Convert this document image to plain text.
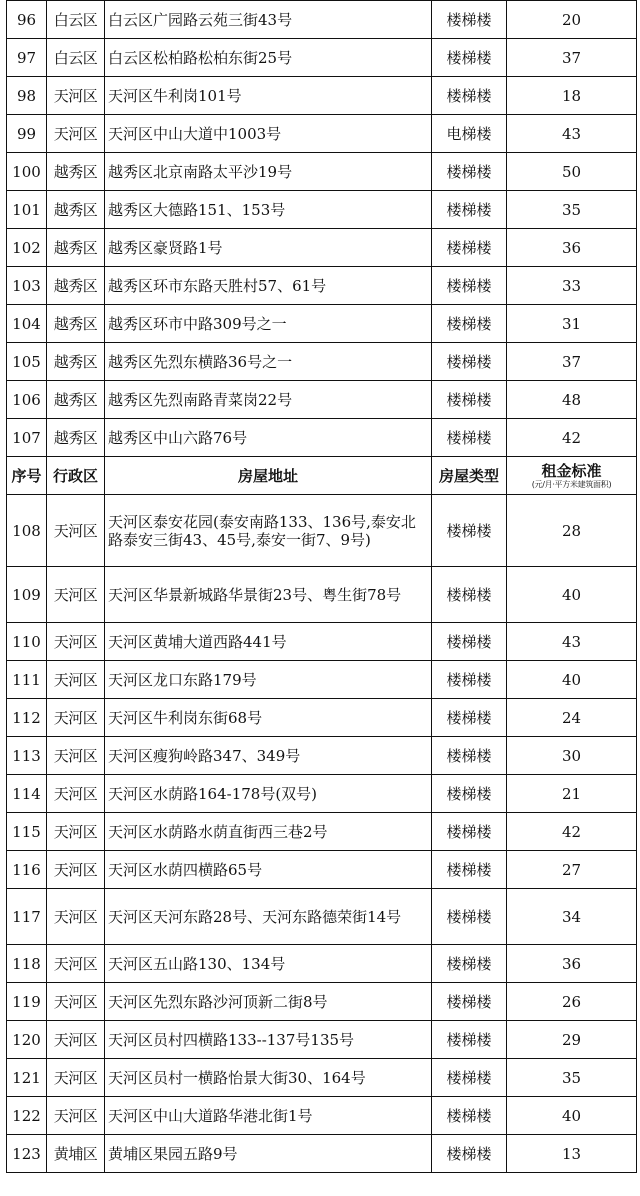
96	白云区	白云区广园路云苑三街43号	楼梯楼	20
97	白云区	白云区松柏路松柏东街25号	楼梯楼	37
98	天河区	天河区牛利岗101号	楼梯楼	18
99	天河区	天河区中山大道中1003号	电梯楼	43
100	越秀区	越秀区北京南路太平沙19号	楼梯楼	50
101	越秀区	越秀区大德路151、153号	楼梯楼	35
102	越秀区	越秀区豪贤路1号	楼梯楼	36
103	越秀区	越秀区环市东路天胜村57、61号	楼梯楼	33
104	越秀区	越秀区环市中路309号之一	楼梯楼	31
105	越秀区	越秀区先烈东横路36号之一	楼梯楼	37
106	越秀区	越秀区先烈南路青菜岗22号	楼梯楼	48
107	越秀区	越秀区中山六路76号	楼梯楼	42
序号	行政区	房屋地址	房屋类型	租金标准
(元/月·平方米建筑面积)

108	天河区	天河区泰安花园(泰安南路133、136号,泰安北路泰安三街43、45号,泰安一街7、9号)	楼梯楼	28
109	天河区	天河区华景新城路华景街23号、粤生街78号	楼梯楼	40
110	天河区	天河区黄埔大道西路441号	楼梯楼	43
111	天河区	天河区龙口东路179号	楼梯楼	40
112	天河区	天河区牛利岗东街68号	楼梯楼	24
113	天河区	天河区瘦狗岭路347、349号	楼梯楼	30
114	天河区	天河区水荫路164-178号(双号)	楼梯楼	21
115	天河区	天河区水荫路水荫直街西三巷2号	楼梯楼	42
116	天河区	天河区水荫四横路65号	楼梯楼	27
117	天河区	天河区天河东路28号、天河东路德荣街14号	楼梯楼	34
118	天河区	天河区五山路130、134号	楼梯楼	36
119	天河区	天河区先烈东路沙河顶新二街8号	楼梯楼	26
120	天河区	天河区员村四横路133--137号135号	楼梯楼	29
121	天河区	天河区员村一横路怡景大街30、164号	楼梯楼	35
122	天河区	天河区中山大道路华港北街1号	楼梯楼	40
123	黄埔区	黄埔区果园五路9号	楼梯楼	13
